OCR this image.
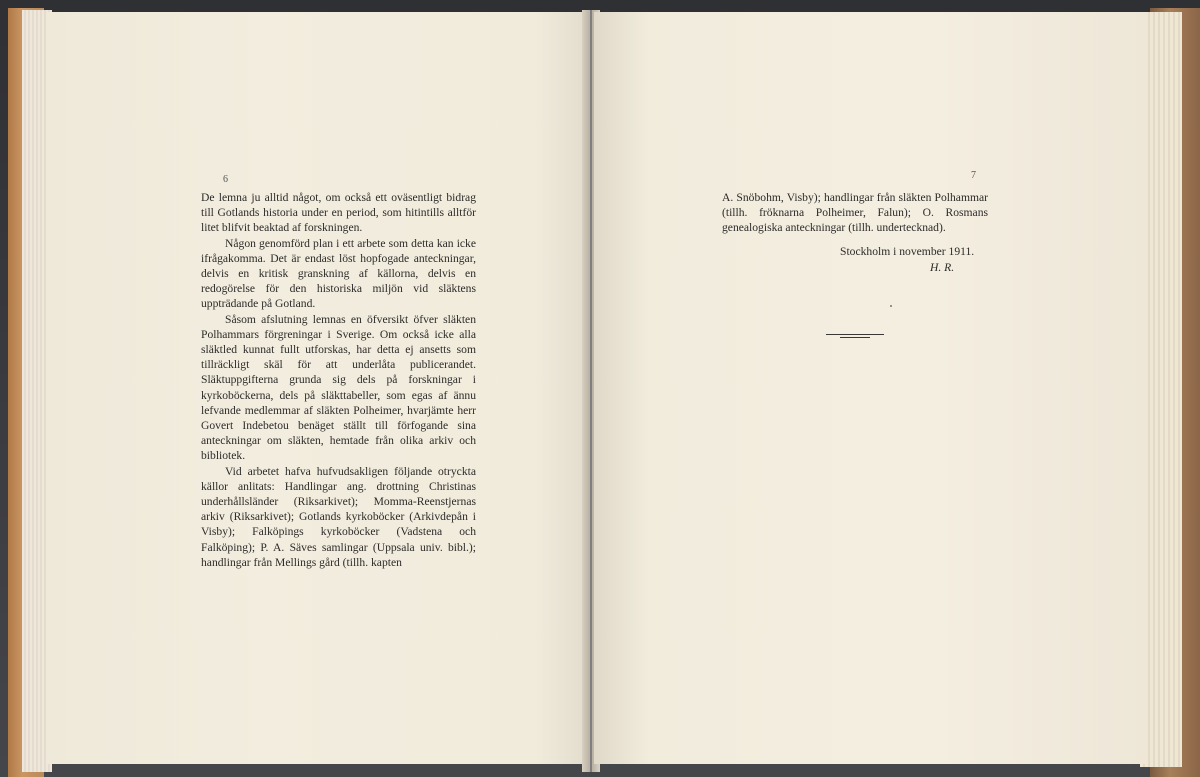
6

De lemna ju alltid något, om också ett oväsentligt bidrag till Gotlands historia under en period, som hitintills alltför litet blifvit beaktad af forskningen.

Någon genomförd plan i ett arbete som detta kan icke ifrågakomma. Det är endast löst hopfogade anteckningar, delvis en kritisk granskning af källorna, delvis en redogörelse för den historiska miljön vid släktens uppträdande på Gotland.

Såsom afslutning lemnas en öfversikt öfver släkten Polhammars förgreningar i Sverige. Om också icke alla släktled kunnat fullt utforskas, har detta ej ansetts som tillräckligt skäl för att underlåta publicerandet. Släktuppgifterna grunda sig dels på forskningar i kyrkoböckerna, dels på släkttabeller, som egas af ännu lefvande medlemmar af släkten Polheimer, hvarjämte herr Govert Indebetou benäget ställt till förfogande sina anteckningar om släkten, hemtade från olika arkiv och bibliotek.

Vid arbetet hafva hufvudsakligen följande otryckta källor anlitats: Handlingar ang. drottning Christinas underhållsländer (Riksarkivet); Momma-Reenstjernas arkiv (Riksarkivet); Gotlands kyrkoböcker (Arkivdepån i Visby); Falköpings kyrkoböcker (Vadstena och Falköping); P. A. Säves samlingar (Uppsala univ. bibl.); handlingar från Mellings gård (tillh. kapten

7

A. Snöbohm, Visby); handlingar från släkten Polhammar (tillh. fröknarna Polheimer, Falun); O. Rosmans genealogiska anteckningar (tillh. undertecknad).

Stockholm i november 1911.
H. R.
